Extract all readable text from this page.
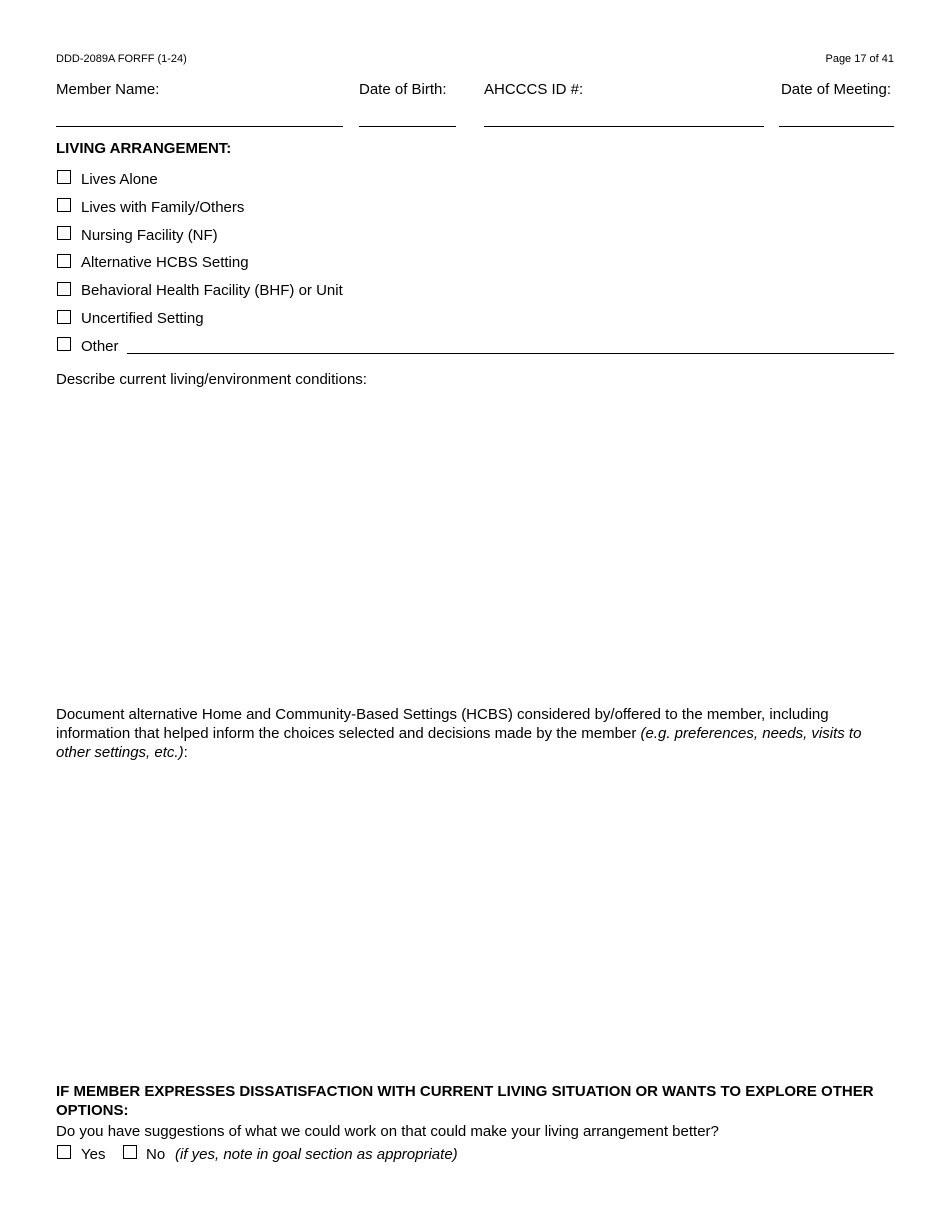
DDD-2089A FORFF (1-24)	Page 17 of 41
Member Name:	Date of Birth: AHCCCS ID #:	Date of Meeting:
LIVING ARRANGEMENT:
Lives Alone
Lives with Family/Others
Nursing Facility (NF)
Alternative HCBS Setting
Behavioral Health Facility (BHF) or Unit
Uncertified Setting
Other
Describe current living/environment conditions:
Document alternative Home and Community-Based Settings (HCBS) considered by/offered to the member, including information that helped inform the choices selected and decisions made by the member (e.g. preferences, needs, visits to other settings, etc.):
IF MEMBER EXPRESSES DISSATISFACTION WITH CURRENT LIVING SITUATION OR WANTS TO EXPLORE OTHER OPTIONS:
Do you have suggestions of what we could work on that could make your living arrangement better?
Yes	No (if yes, note in goal section as appropriate)
